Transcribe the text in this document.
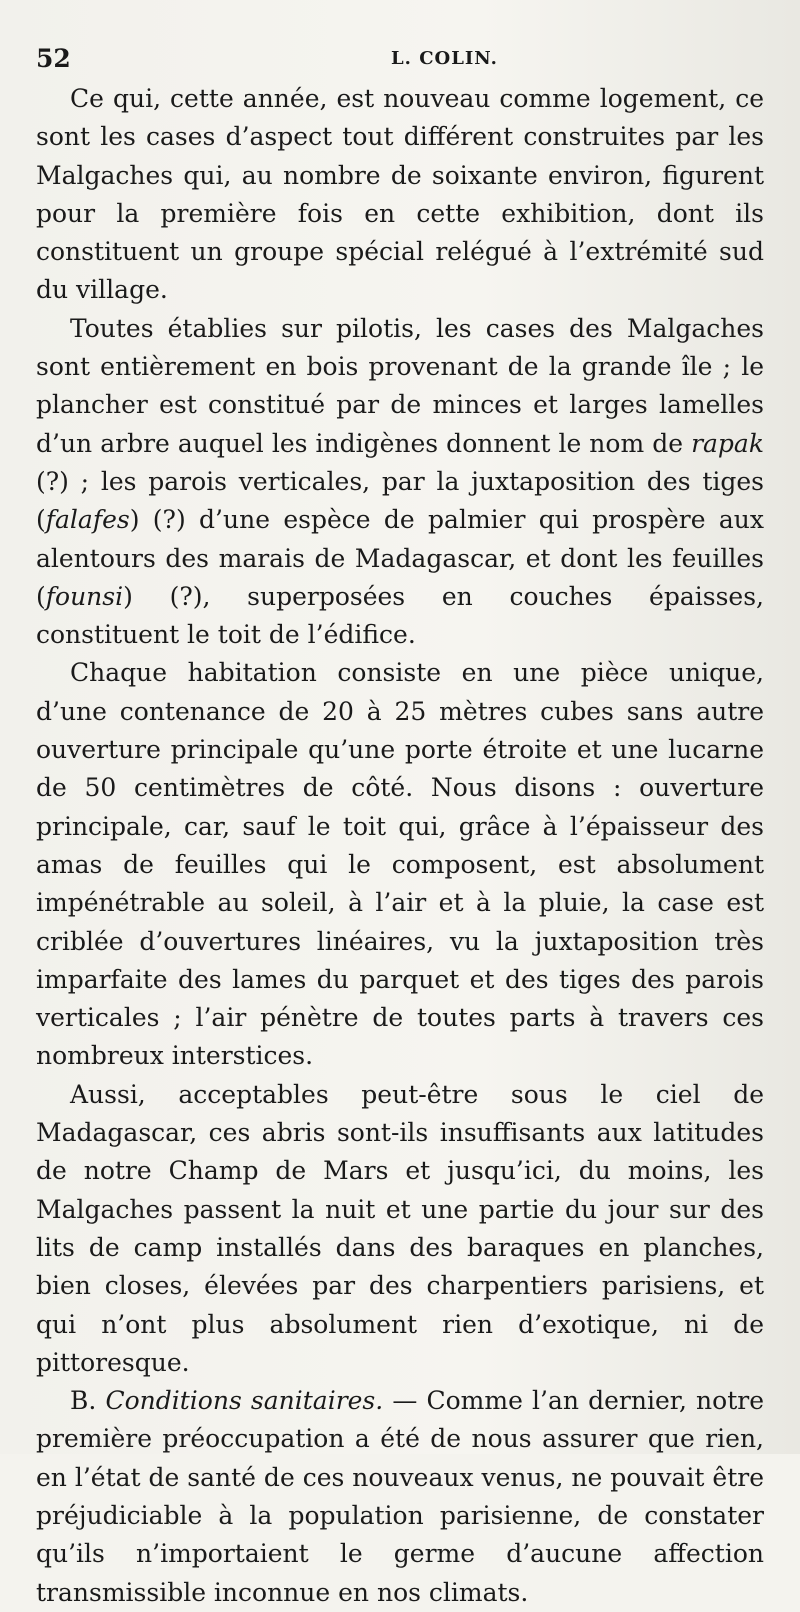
52	L. COLIN.

Ce qui, cette année, est nouveau comme logement, ce sont les cases d’aspect tout différent construites par les Malgaches qui, au nombre de soixante environ, figurent pour la première fois en cette exhibition, dont ils constituent un groupe spécial relégué à l’extrémité sud du village.

Toutes établies sur pilotis, les cases des Malgaches sont entièrement en bois provenant de la grande île ; le plancher est constitué par de minces et larges lamelles d’un arbre auquel les indigènes donnent le nom de rapak (?) ; les parois verticales, par la juxtaposition des tiges (falafes) (?) d’une espèce de palmier qui prospère aux alentours des marais de Madagascar, et dont les feuilles (founsi) (?), superposées en couches épaisses, constituent le toit de l’édifice.

Chaque habitation consiste en une pièce unique, d’une contenance de 20 à 25 mètres cubes sans autre ouverture principale qu’une porte étroite et une lucarne de 50 centimètres de côté. Nous disons : ouverture principale, car, sauf le toit qui, grâce à l’épaisseur des amas de feuilles qui le composent, est absolument impénétrable au soleil, à l’air et à la pluie, la case est criblée d’ouvertures linéaires, vu la juxtaposition très imparfaite des lames du parquet et des tiges des parois verticales ; l’air pénètre de toutes parts à travers ces nombreux interstices.

Aussi, acceptables peut-être sous le ciel de Madagascar, ces abris sont-ils insuffisants aux latitudes de notre Champ de Mars et jusqu’ici, du moins, les Malgaches passent la nuit et une partie du jour sur des lits de camp installés dans des baraques en planches, bien closes, élevées par des charpentiers parisiens, et qui n’ont plus absolument rien d’exotique, ni de pittoresque.

B. Conditions sanitaires. — Comme l’an dernier, notre première préoccupation a été de nous assurer que rien, en l’état de santé de ces nouveaux venus, ne pouvait être préjudiciable à la population parisienne, de constater qu’ils n’importaient le germe d’aucune affection transmissible inconnue en nos climats.
